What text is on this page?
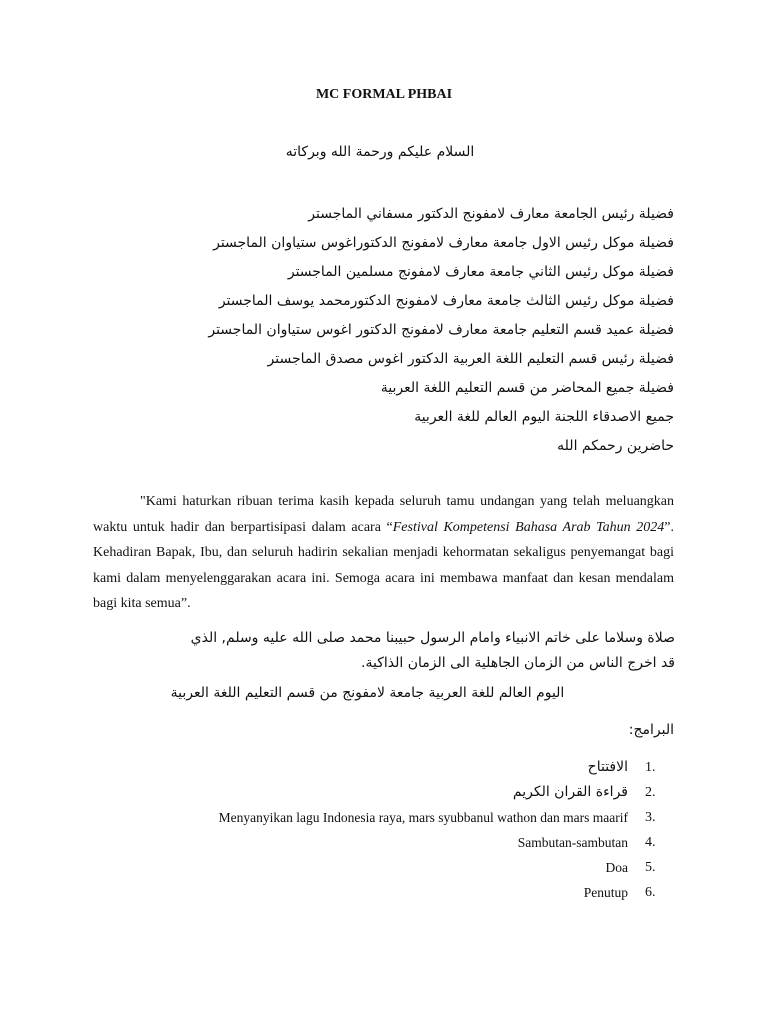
MC FORMAL PHBAI
السلام عليكم ورحمة الله وبركاته
فضيلة رئيس الجامعة معارف لامفونج الدكتور مسفاني الماجستر
فضيلة موكل رئيس الاول جامعة معارف لامفونج الدكتوراغوس ستياوان الماجستر
فضيلة موكل رئيس الثاني جامعة معارف لامفونج مسلمين الماجستر
فضيلة موكل رئيس الثالث جامعة معارف لامفونج الدكتورمحمد يوسف الماجستر
فضيلة عميد قسم التعليم جامعة معارف لامفونج الدكتور اغوس ستياوان الماجستر
فضيلة رئيس قسم التعليم اللغة العربية الدكتور اغوس مصدق الماجستر
فضيلة جميع المحاضر من قسم التعليم اللغة العربية
جميع الاصدقاء اللجنة اليوم العالم للغة العربية
حاضرين رحمكم الله

"Kami haturkan ribuan terima kasih kepada seluruh tamu undangan yang telah meluangkan waktu untuk hadir dan berpartisipasi dalam acara “Festival Kompetensi Bahasa Arab Tahun 2024”. Kehadiran Bapak, Ibu, dan seluruh hadirin sekalian menjadi kehormatan sekaligus penyemangat bagi kami dalam menyelenggarakan acara ini. Semoga acara ini membawa manfaat dan kesan mendalam bagi kita semua”.

صلاة وسلاما على خاتم الانبياء وامام الرسول حبيبنا محمد صلى الله عليه وسلم, الذي
قد اخرج الناس من الزمان الجاهلية الى الزمان الذاكية.

اليوم العالم للغة العربية جامعة لامفونج من قسم التعليم اللغة العربية
البرامج:
الافتتاح 1.
قراءة القران الكريم 2.
Menyanyikan lagu Indonesia raya, mars syubbanul wathon dan mars maarif 3.
Sambutan-sambutan 4.
Doa 5.
Penutup 6.
